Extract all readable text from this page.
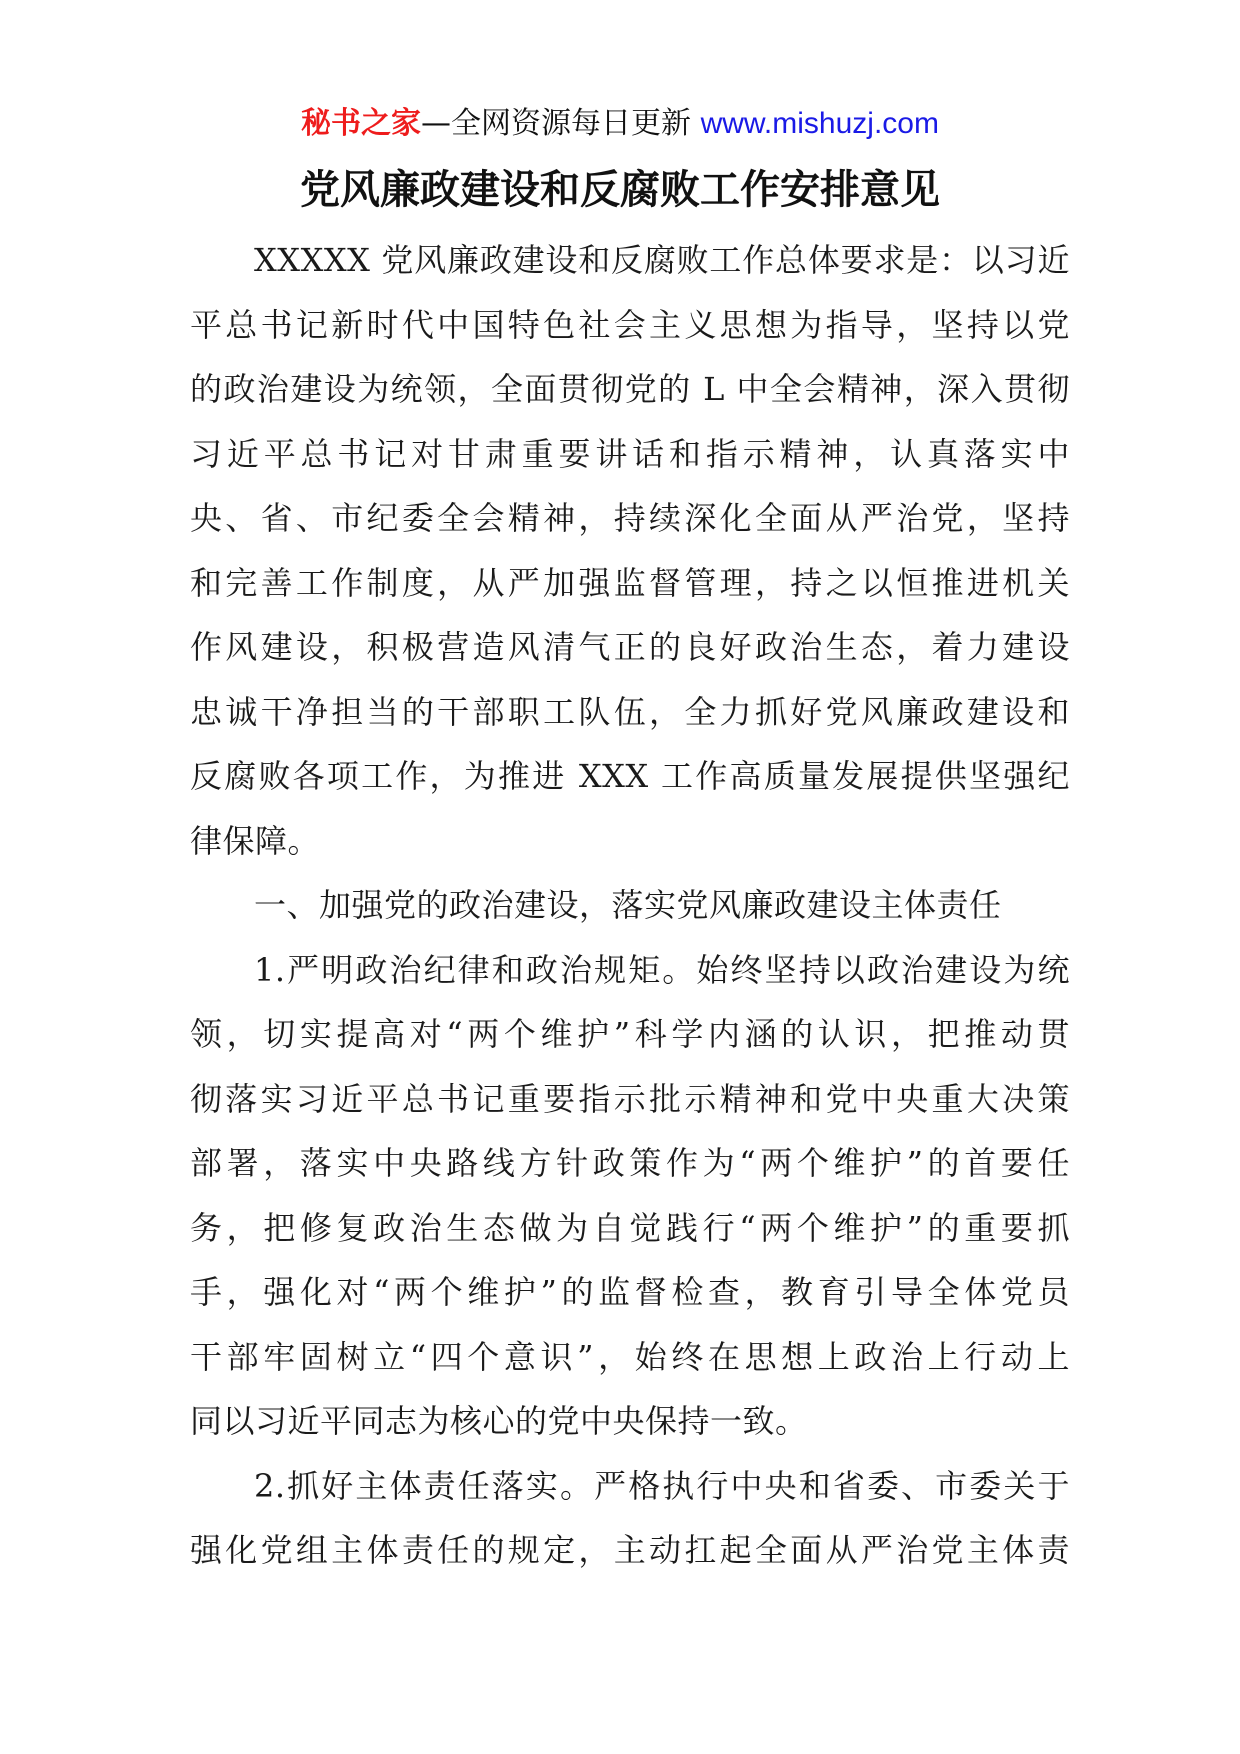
秘书之家—全网资源每日更新 www.mishuzj.com
党风廉政建设和反腐败工作安排意见
XXXXX 党风廉政建设和反腐败工作总体要求是：以习近
平总书记新时代中国特色社会主义思想为指导，坚持以党
的政治建设为统领，全面贯彻党的 L 中全会精神，深入贯彻
习近平总书记对甘肃重要讲话和指示精神，认真落实中
央、省、市纪委全会精神，持续深化全面从严治党，坚持
和完善工作制度，从严加强监督管理，持之以恒推进机关
作风建设，积极营造风清气正的良好政治生态，着力建设
忠诚干净担当的干部职工队伍，全力抓好党风廉政建设和
反腐败各项工作，为推进 XXX 工作高质量发展提供坚强纪
律保障。
一、加强党的政治建设，落实党风廉政建设主体责任
1.严明政治纪律和政治规矩。始终坚持以政治建设为统
领，切实提高对“两个维护”科学内涵的认识，把推动贯
彻落实习近平总书记重要指示批示精神和党中央重大决策
部署，落实中央路线方针政策作为“两个维护”的首要任
务，把修复政治生态做为自觉践行“两个维护”的重要抓
手，强化对“两个维护”的监督检查，教育引导全体党员
干部牢固树立“四个意识”，始终在思想上政治上行动上
同以习近平同志为核心的党中央保持一致。
2.抓好主体责任落实。严格执行中央和省委、市委关于
强化党组主体责任的规定，主动扛起全面从严治党主体责
